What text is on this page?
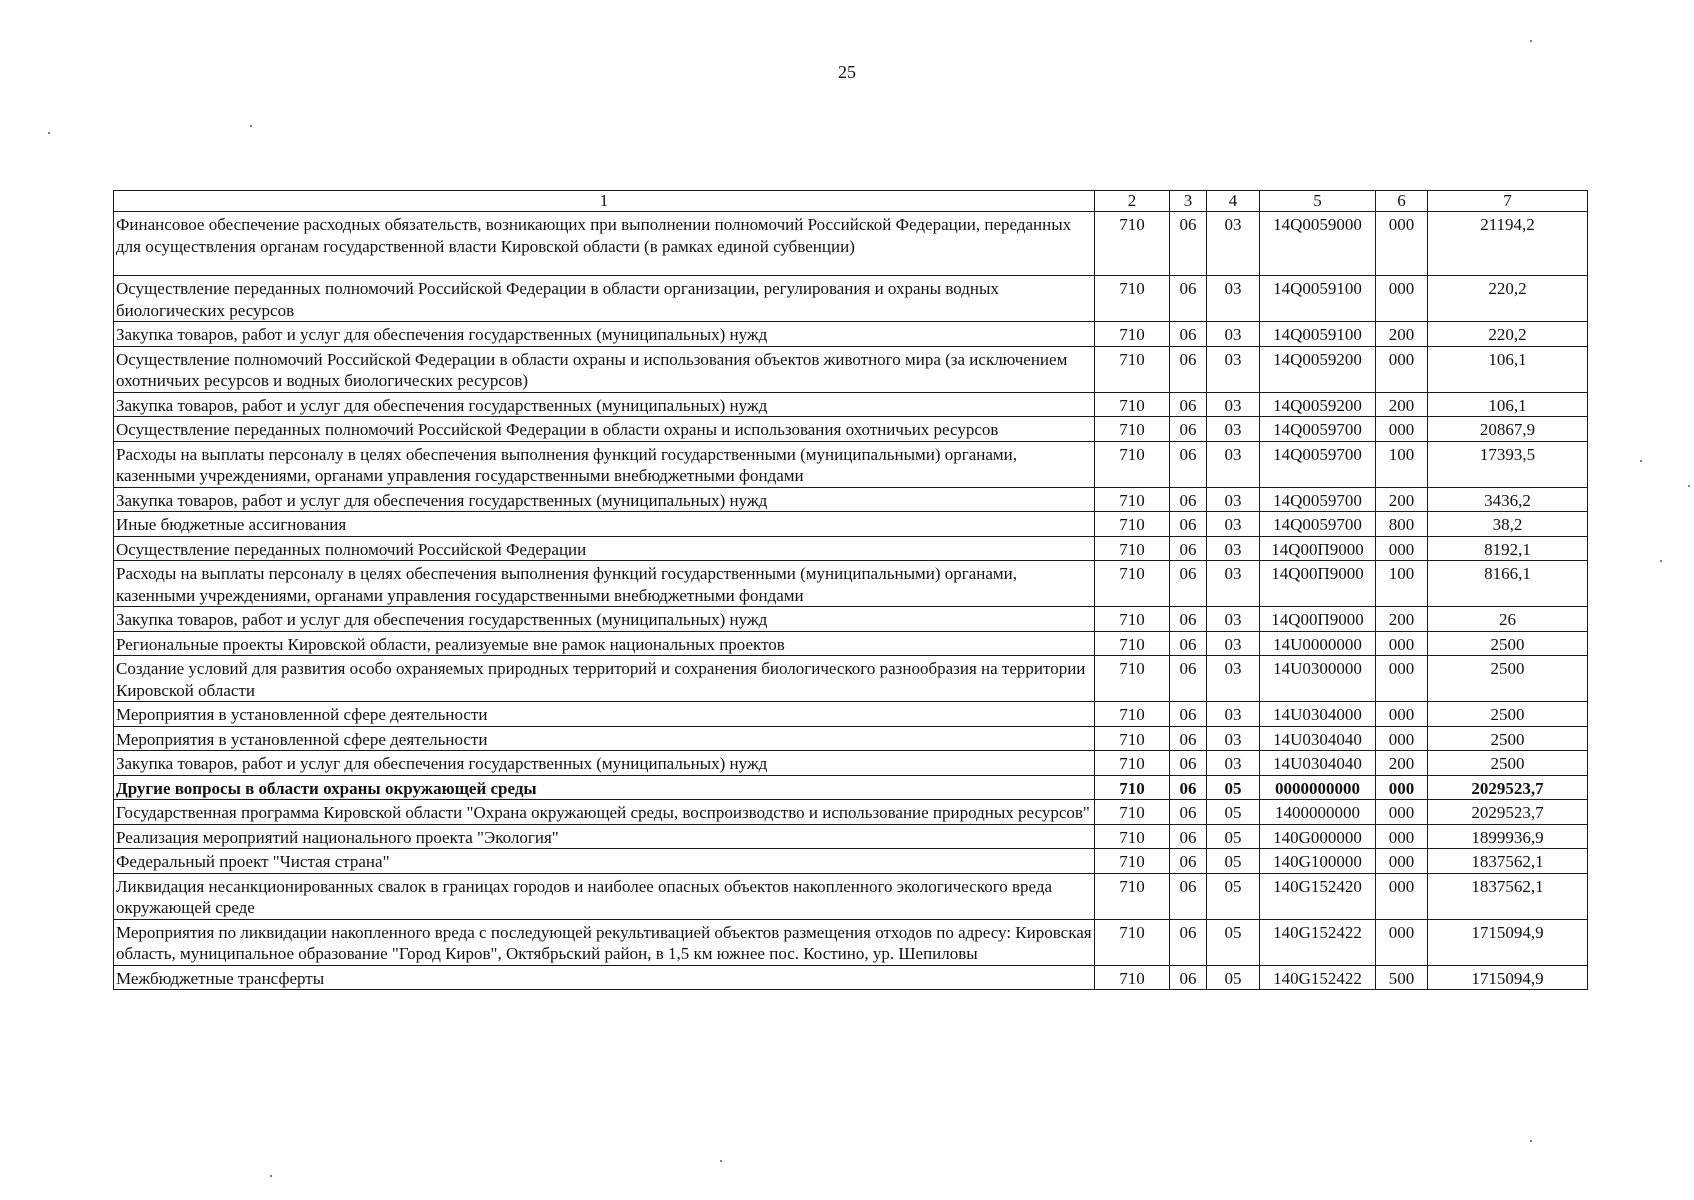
25
1	2	3	4	5	6	7
Финансовое обеспечение расходных обязательств, возникающих при выполнении полномочий Российской Федерации, переданных для осуществления органам государственной власти Кировской области (в рамках единой субвенции)	710	06	03	14Q0059000	000	21194,2
Осуществление переданных полномочий Российской Федерации в области организации, регулирования и охраны водных биологических ресурсов	710	06	03	14Q0059100	000	220,2
Закупка товаров, работ и услуг для обеспечения государственных (муниципальных) нужд	710	06	03	14Q0059100	200	220,2
Осуществление полномочий Российской Федерации в области охраны и использования объектов животного мира (за исключением охотничьих ресурсов и водных биологических ресурсов)	710	06	03	14Q0059200	000	106,1
Закупка товаров, работ и услуг для обеспечения государственных (муниципальных) нужд	710	06	03	14Q0059200	200	106,1
Осуществление переданных полномочий Российской Федерации в области охраны и использования охотничьих ресурсов	710	06	03	14Q0059700	000	20867,9
Расходы на выплаты персоналу в целях обеспечения выполнения функций государственными (муниципальными) органами, казенными учреждениями, органами управления государственными внебюджетными фондами	710	06	03	14Q0059700	100	17393,5
Закупка товаров, работ и услуг для обеспечения государственных (муниципальных) нужд	710	06	03	14Q0059700	200	3436,2
Иные бюджетные ассигнования	710	06	03	14Q0059700	800	38,2
Осуществление переданных полномочий Российской Федерации	710	06	03	14Q00П9000	000	8192,1
Расходы на выплаты персоналу в целях обеспечения выполнения функций государственными (муниципальными) органами, казенными учреждениями, органами управления государственными внебюджетными фондами	710	06	03	14Q00П9000	100	8166,1
Закупка товаров, работ и услуг для обеспечения государственных (муниципальных) нужд	710	06	03	14Q00П9000	200	26
Региональные проекты Кировской области, реализуемые вне рамок национальных проектов	710	06	03	14U0000000	000	2500
Создание условий для развития особо охраняемых природных территорий и сохранения биологического разнообразия на территории Кировской области	710	06	03	14U0300000	000	2500
Мероприятия в установленной сфере деятельности	710	06	03	14U0304000	000	2500
Мероприятия в установленной сфере деятельности	710	06	03	14U0304040	000	2500
Закупка товаров, работ и услуг для обеспечения государственных (муниципальных) нужд	710	06	03	14U0304040	200	2500
Другие вопросы в области охраны окружающей среды	710	06	05	0000000000	000	2029523,7
Государственная программа Кировской области "Охрана окружающей среды, воспроизводство и использование природных ресурсов"	710	06	05	1400000000	000	2029523,7
Реализация мероприятий национального проекта "Экология"	710	06	05	140G000000	000	1899936,9
Федеральный проект "Чистая страна"	710	06	05	140G100000	000	1837562,1
Ликвидация несанкционированных свалок в границах городов и наиболее опасных объектов накопленного экологического вреда окружающей среде	710	06	05	140G152420	000	1837562,1
Мероприятия по ликвидации накопленного вреда с последующей рекультивацией объектов размещения отходов по адресу: Кировская область, муниципальное образование "Город Киров", Октябрьский район, в 1,5 км южнее пос. Костино, ур. Шепиловы	710	06	05	140G152422	000	1715094,9
Межбюджетные трансферты	710	06	05	140G152422	500	1715094,9
